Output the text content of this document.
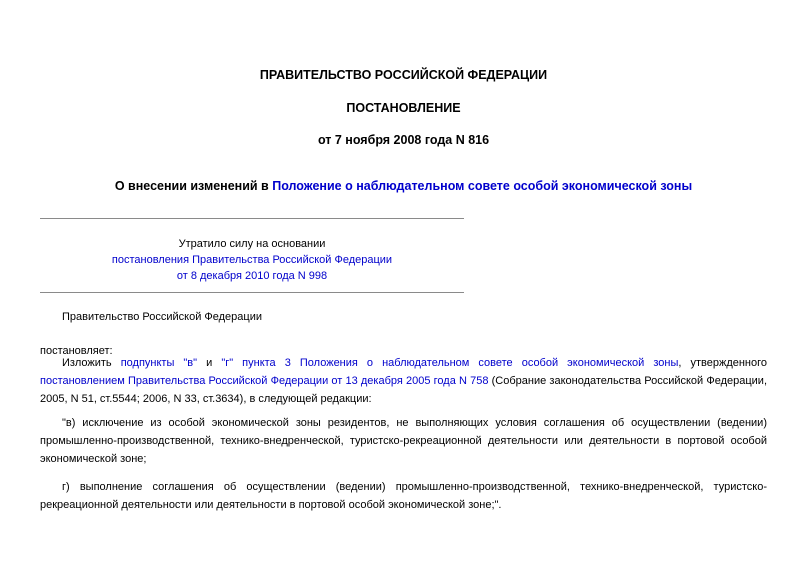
ПРАВИТЕЛЬСТВО РОССИЙСКОЙ ФЕДЕРАЦИИ

ПОСТАНОВЛЕНИЕ

от 7 ноября 2008 года N 816

О внесении изменений в Положение о наблюдательном совете особой экономической зоны

Утратило силу на основании
постановления Правительства Российской Федерации
от 8 декабря 2010 года N 998

Правительство Российской Федерации

постановляет:

Изложить подпункты "в" и "г" пункта 3 Положения о наблюдательном совете особой экономической зоны, утвержденного постановлением Правительства Российской Федерации от 13 декабря 2005 года N 758 (Собрание законодательства Российской Федерации, 2005, N 51, ст.5544; 2006, N 33, ст.3634), в следующей редакции:

"в) исключение из особой экономической зоны резидентов, не выполняющих условия соглашения об осуществлении (ведении) промышленно-производственной, технико-внедренческой, туристско-рекреационной деятельности или деятельности в портовой особой экономической зоне;

г) выполнение соглашения об осуществлении (ведении) промышленно-производственной, технико-внедренческой, туристско-рекреационной деятельности или деятельности в портовой особой экономической зоне;".
